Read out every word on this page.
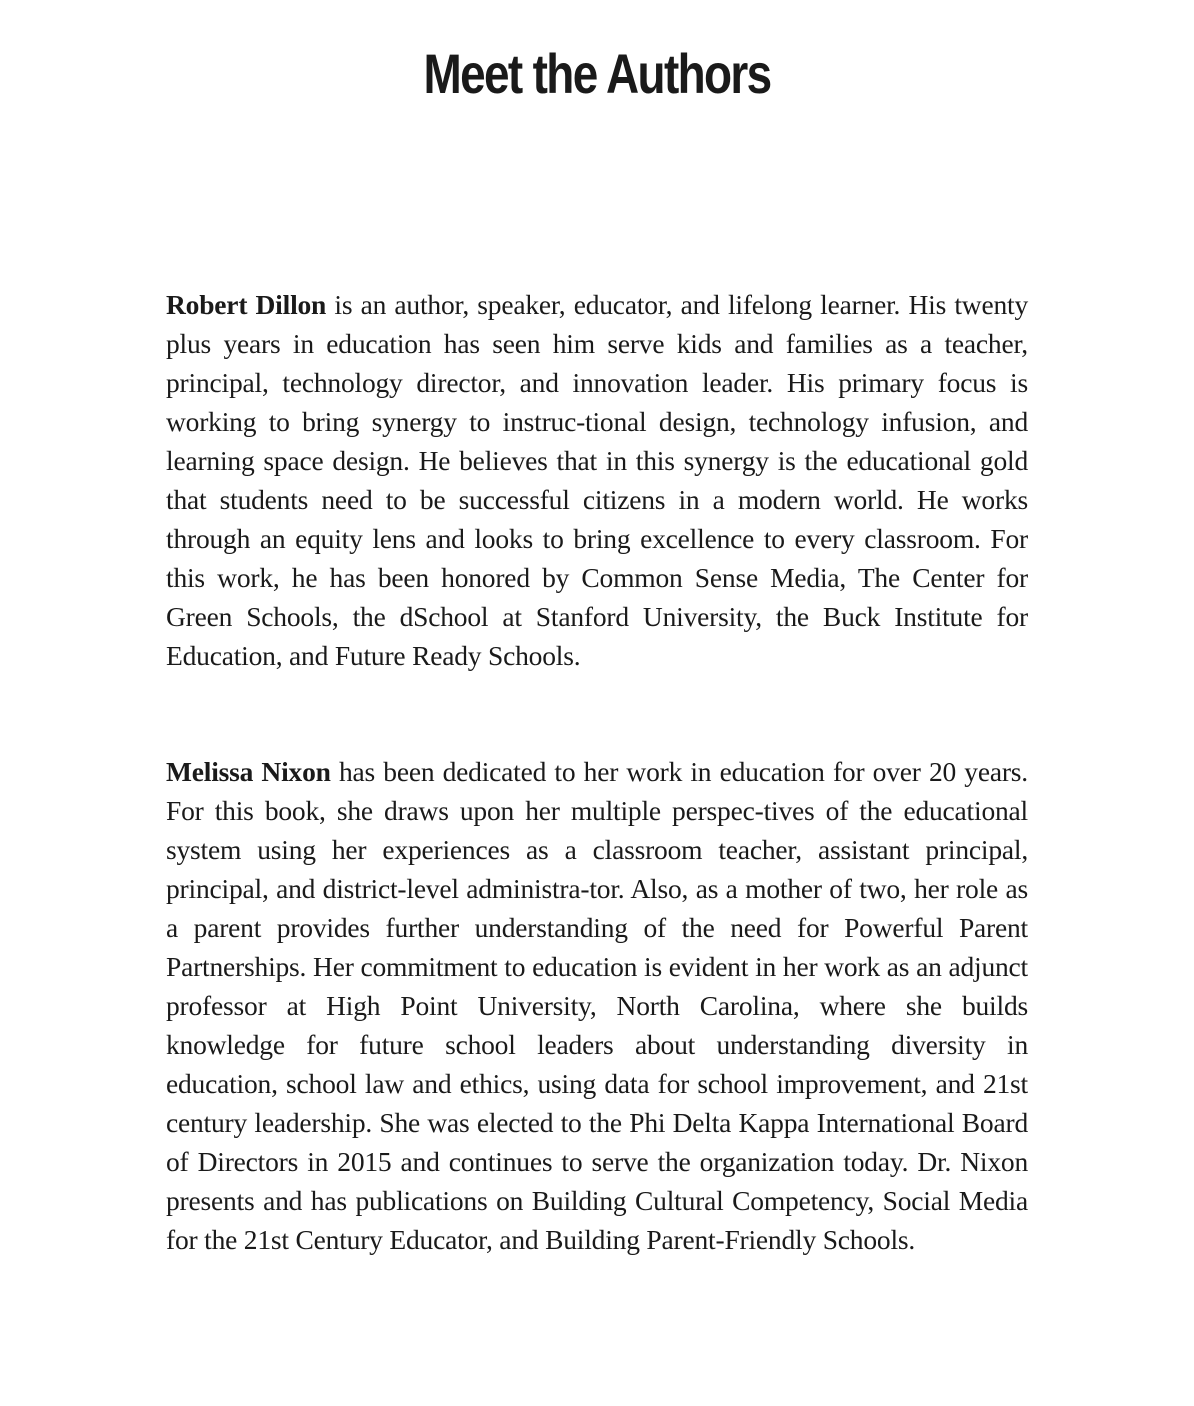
Meet the Authors

Robert Dillon is an author, speaker, educator, and lifelong learner. His twenty plus years in education has seen him serve kids and families as a teacher, principal, technology director, and innovation leader. His primary focus is working to bring synergy to instruc-tional design, technology infusion, and learning space design. He believes that in this synergy is the educational gold that students need to be successful citizens in a modern world. He works through an equity lens and looks to bring excellence to every classroom. For this work, he has been honored by Common Sense Media, The Center for Green Schools, the dSchool at Stanford University, the Buck Institute for Education, and Future Ready Schools.

Melissa Nixon has been dedicated to her work in education for over 20 years. For this book, she draws upon her multiple perspec-tives of the educational system using her experiences as a classroom teacher, assistant principal, principal, and district-level administra-tor. Also, as a mother of two, her role as a parent provides further understanding of the need for Powerful Parent Partnerships. Her commitment to education is evident in her work as an adjunct professor at High Point University, North Carolina, where she builds knowledge for future school leaders about understanding diversity in education, school law and ethics, using data for school improvement, and 21st century leadership. She was elected to the Phi Delta Kappa International Board of Directors in 2015 and continues to serve the organization today. Dr. Nixon presents and has publications on Building Cultural Competency, Social Media for the 21st Century Educator, and Building Parent-Friendly Schools.
